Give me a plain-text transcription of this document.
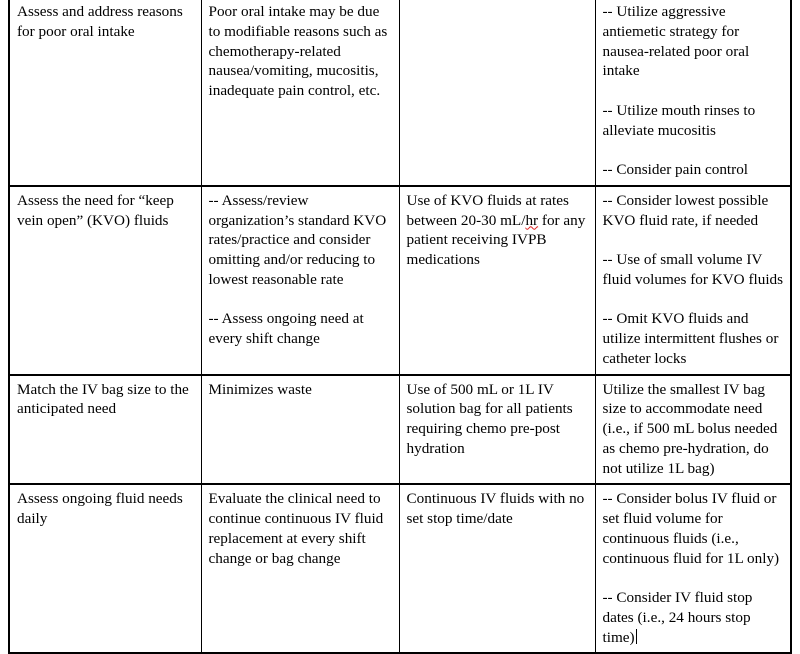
Assess and address reasons for poor oral intake	Poor oral intake may be due to modifiable reasons such as chemotherapy-related nausea/vomiting, mucositis, inadequate pain control, etc.		-- Utilize aggressive antiemetic strategy for nausea-related poor oral intake
-- Utilize mouth rinses to alleviate mucositis
-- Consider pain control

Assess the need for “keep vein open” (KVO) fluids	-- Assess/review organization’s standard KVO rates/practice and consider omitting and/or reducing to lowest reasonable rate
-- Assess ongoing need at every shift change	Use of KVO fluids at rates between 20-30 mL/hr for any patient receiving IVPB medications	-- Consider lowest possible KVO fluid rate, if needed
-- Use of small volume IV fluid volumes for KVO fluids
-- Omit KVO fluids and utilize intermittent flushes or catheter locks

Match the IV bag size to the anticipated need	Minimizes waste	Use of 500 mL or 1L IV solution bag for all patients requiring chemo pre-post hydration	Utilize the smallest IV bag size to accommodate need (i.e., if 500 mL bolus needed as chemo pre-hydration, do not utilize 1L bag)

Assess ongoing fluid needs daily	Evaluate the clinical need to continue continuous IV fluid replacement at every shift change or bag change	Continuous IV fluids with no set stop time/date	-- Consider bolus IV fluid or set fluid volume for continuous fluids (i.e., continuous fluid for 1L only)
-- Consider IV fluid stop dates (i.e., 24 hours stop time)
